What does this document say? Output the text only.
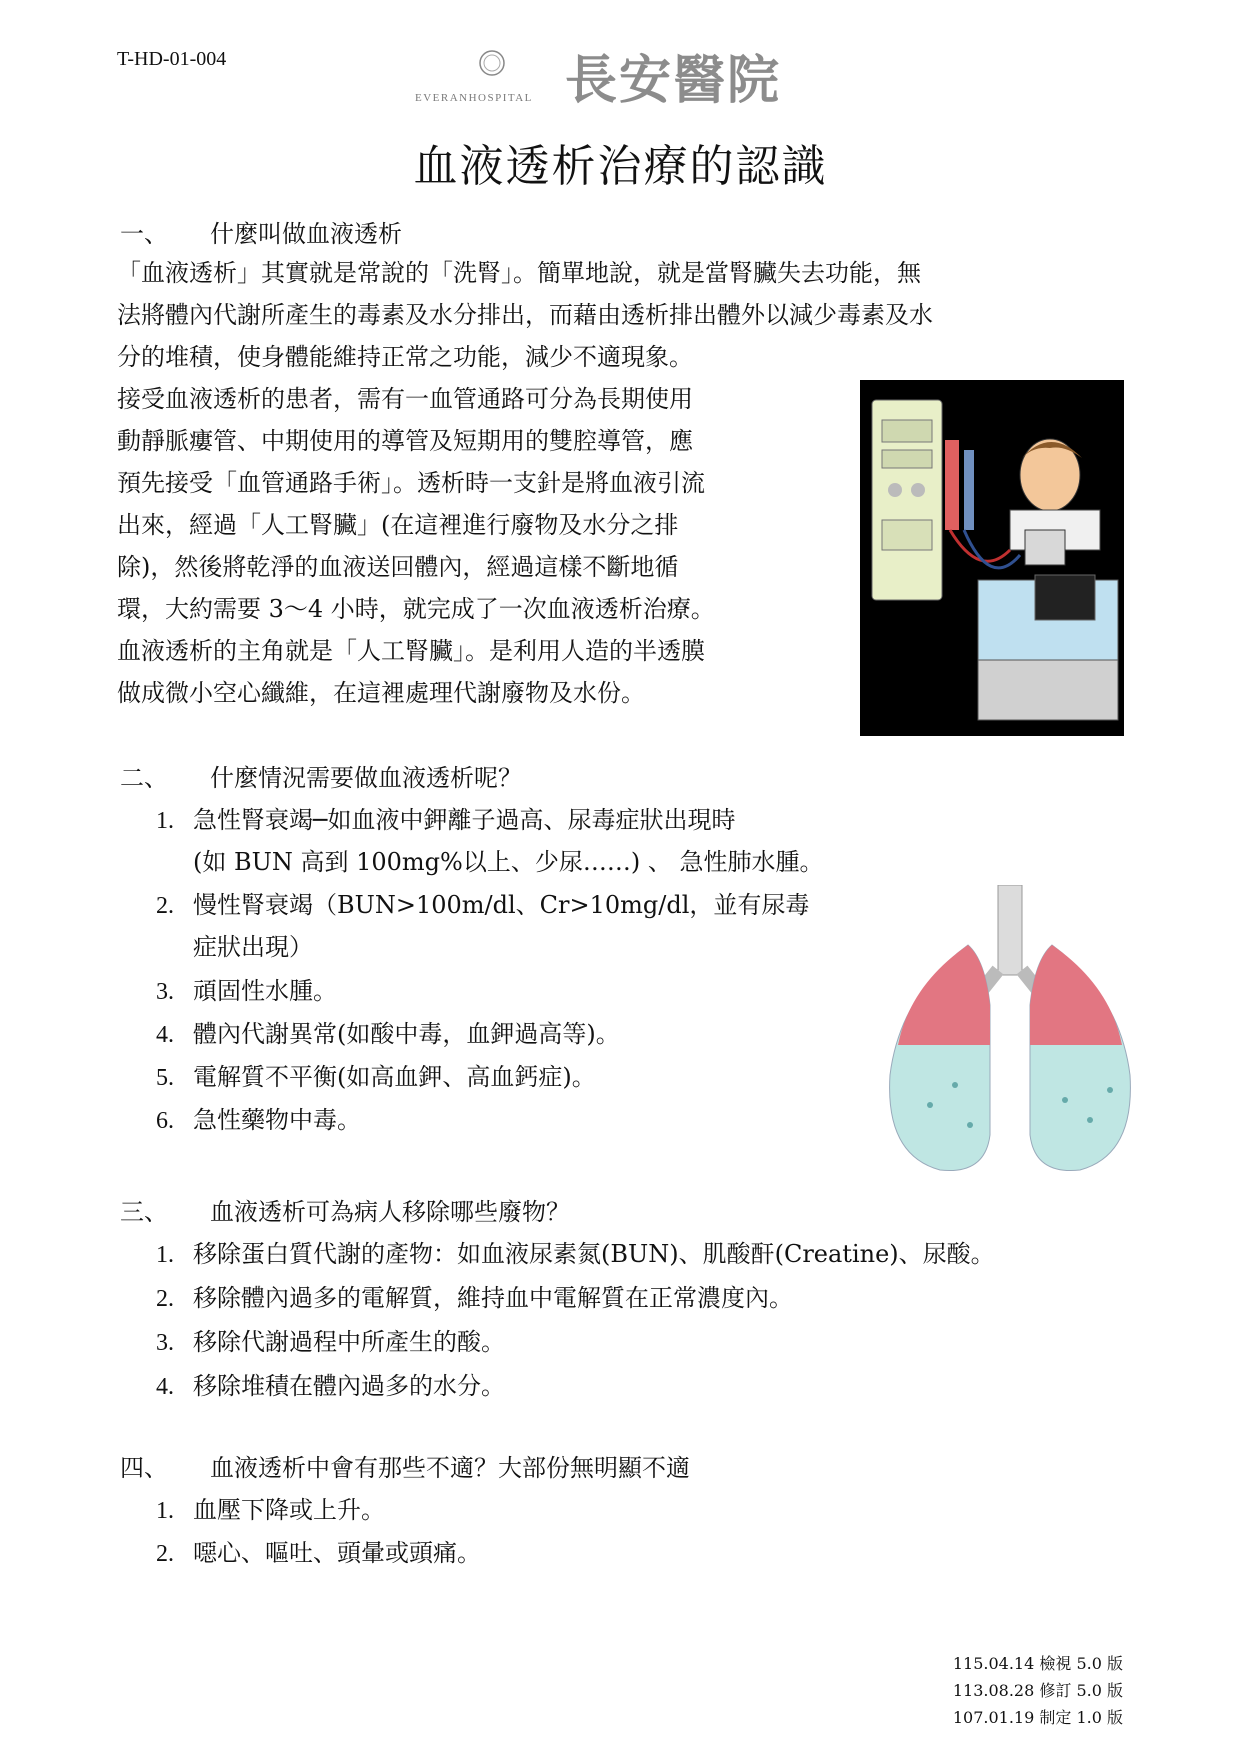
T-HD-01-004
EVERANHOSPITAL 長安醫院
血液透析治療的認識
一、 什麼叫做血液透析
「血液透析」其實就是常說的「洗腎」。簡單地說，就是當腎臟失去功能，無
法將體內代謝所產生的毒素及水分排出，而藉由透析排出體外以減少毒素及水
分的堆積，使身體能維持正常之功能，減少不適現象。
接受血液透析的患者，需有一血管通路可分為長期使用
動靜脈瘻管、中期使用的導管及短期用的雙腔導管，應
預先接受「血管通路手術」。透析時一支針是將血液引流
出來，經過「人工腎臟」(在這裡進行廢物及水分之排
除)，然後將乾淨的血液送回體內，經過這樣不斷地循
環，大約需要 3～4 小時，就完成了一次血液透析治療。
血液透析的主角就是「人工腎臟」。是利用人造的半透膜
做成微小空心纖維，在這裡處理代謝廢物及水份。
二、 什麼情況需要做血液透析呢？
1. 急性腎衰竭─如血液中鉀離子過高、尿毒症狀出現時
(如 BUN 高到 100mg%以上、少尿……) 、 急性肺水腫。
2. 慢性腎衰竭（BUN>100m/dl、Cr>10mg/dl，並有尿毒
症狀出現）
3. 頑固性水腫。
4. 體內代謝異常(如酸中毒，血鉀過高等)。
5. 電解質不平衡(如高血鉀、高血鈣症)。
6. 急性藥物中毒。
三、 血液透析可為病人移除哪些廢物？
1. 移除蛋白質代謝的產物：如血液尿素氮(BUN)、肌酸酐(Creatine)、尿酸。
2. 移除體內過多的電解質，維持血中電解質在正常濃度內。
3. 移除代謝過程中所產生的酸。
4. 移除堆積在體內過多的水分。
四、 血液透析中會有那些不適？大部份無明顯不適
1. 血壓下降或上升。
2. 噁心、嘔吐、頭暈或頭痛。
115.04.14 檢視 5.0 版
113.08.28 修訂 5.0 版
107.01.19 制定 1.0 版
